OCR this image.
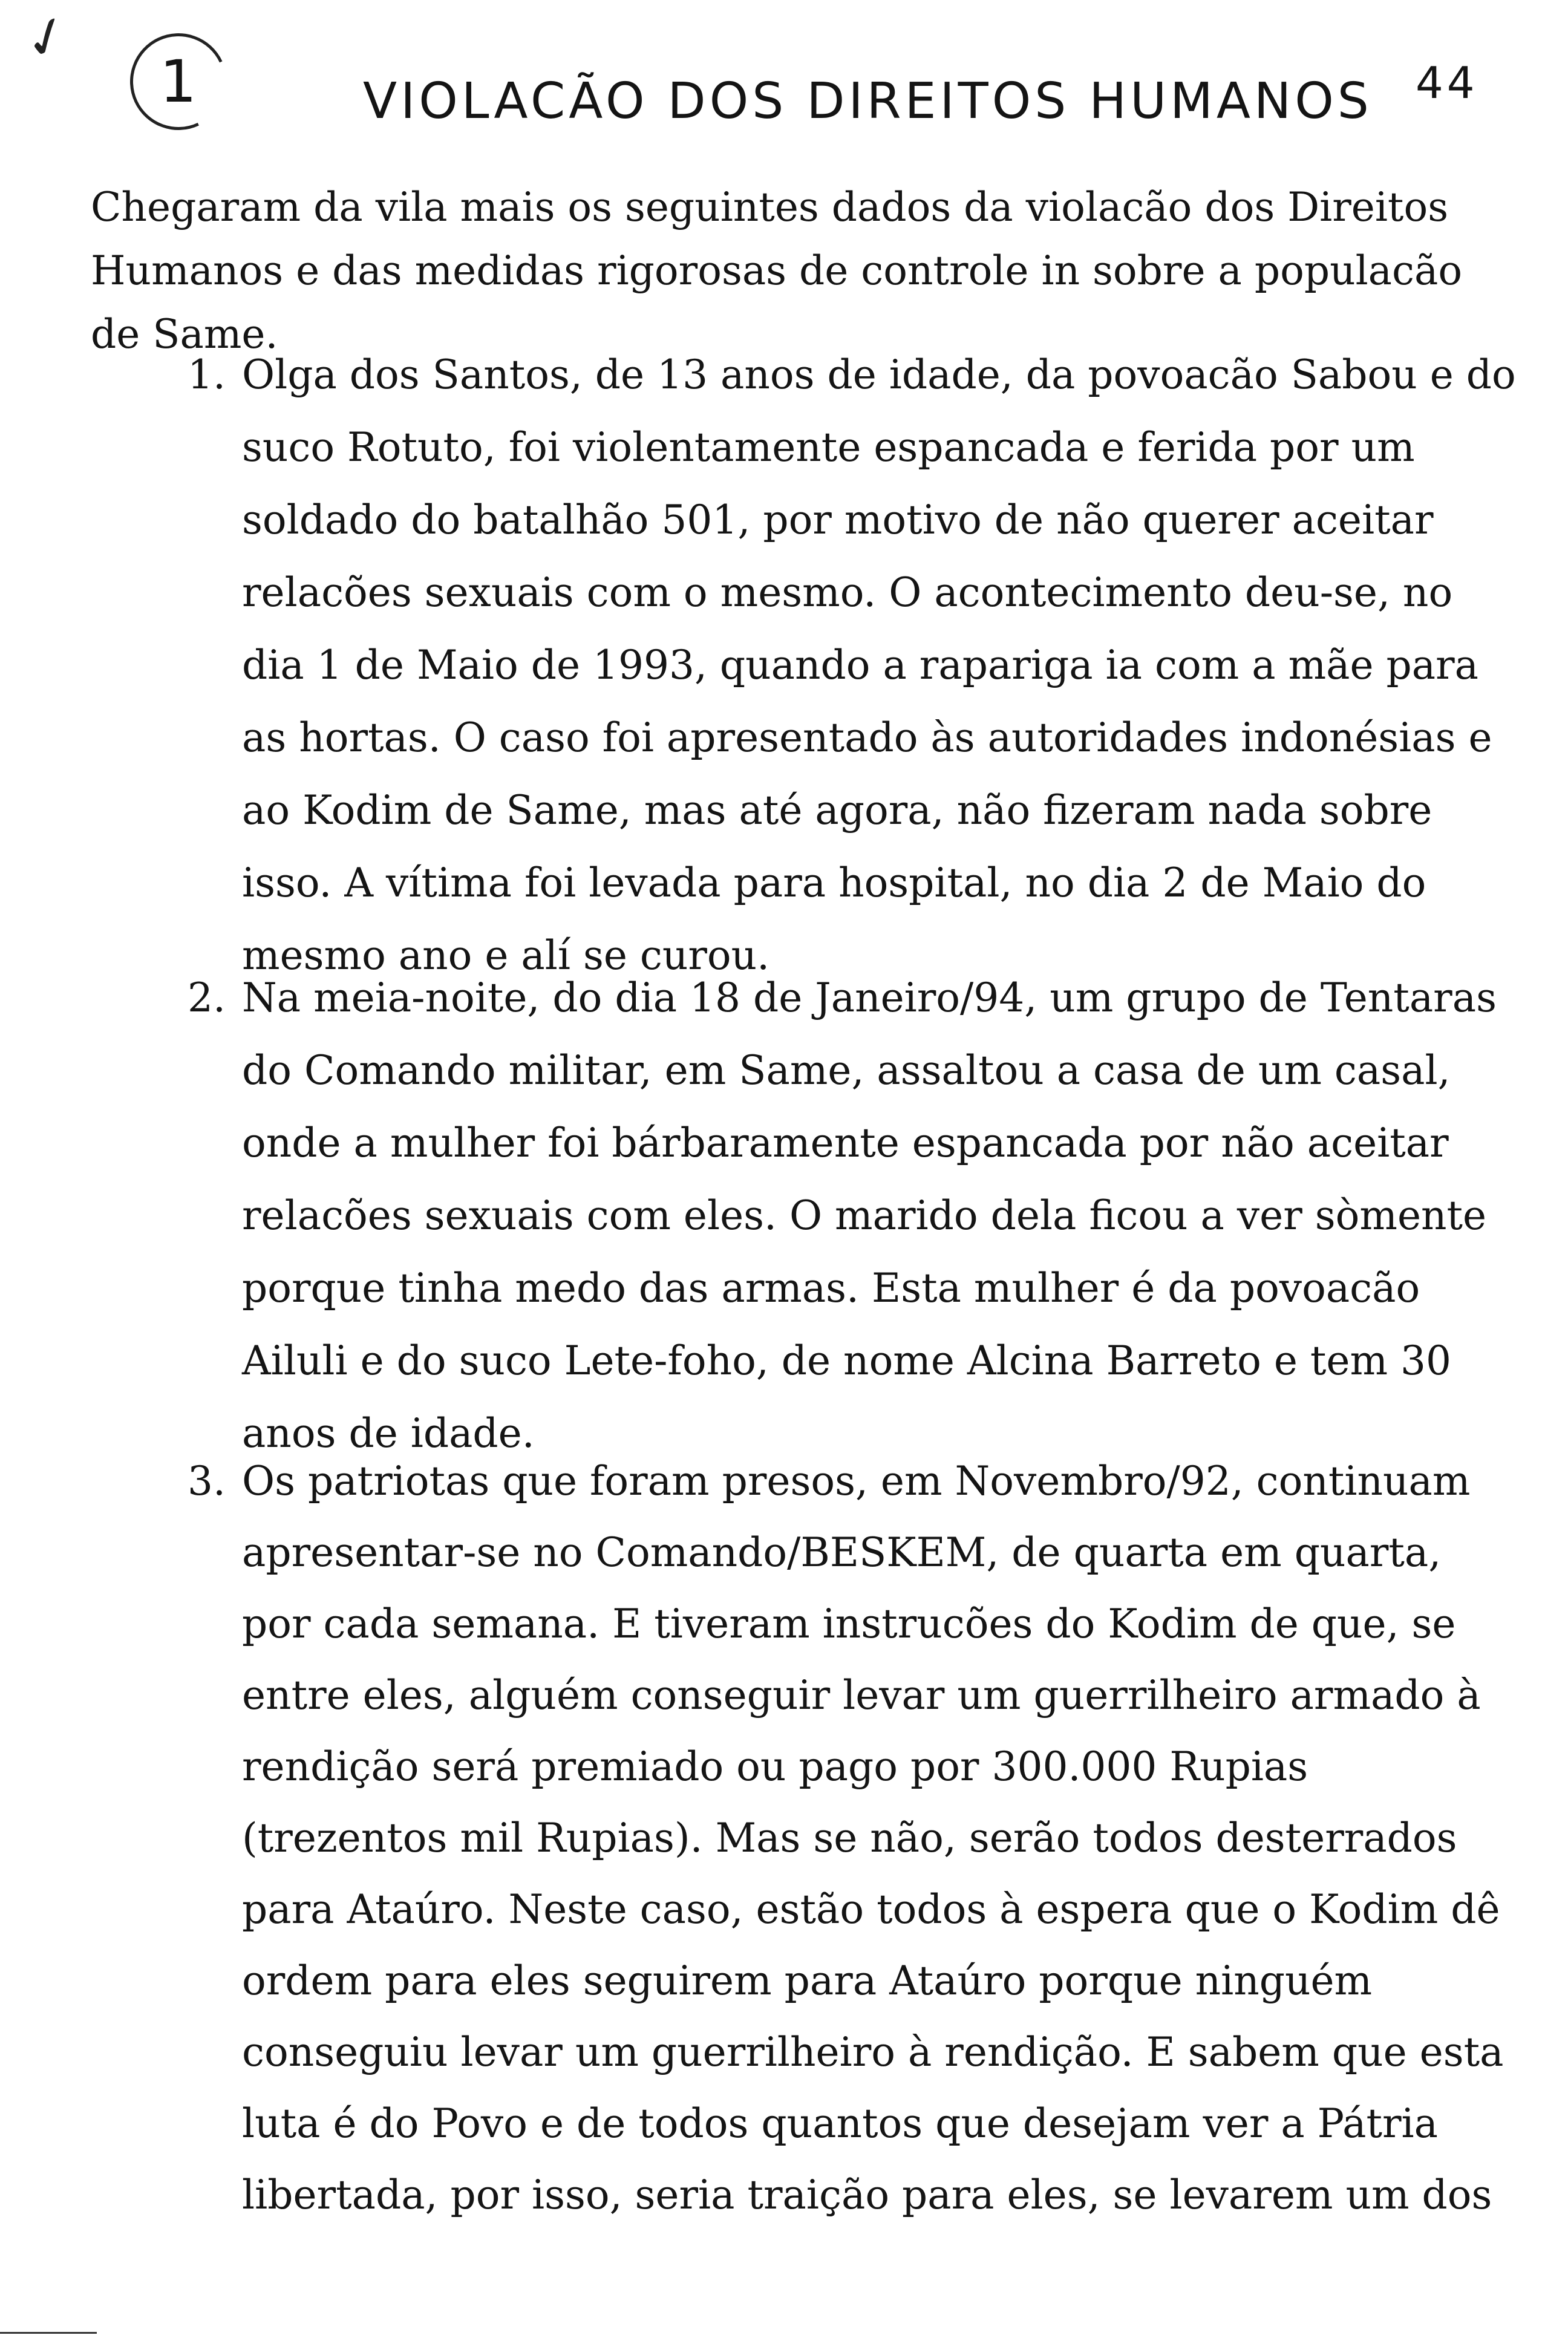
✓
1	44
VIOLACÃO DOS DIREITOS HUMANOS

Chegaram da vila mais os seguintes dados da violacão dos Direitos Humanos e das medidas rigorosas de controle in sobre a populacão de Same.

1. Olga dos Santos, de 13 anos de idade, da povoacão Sabou e do suco Rotuto, foi violentamente espancada e ferida por um soldado do batalhão 501, por motivo de não querer aceitar relacões sexuais com o mesmo. O acontecimento deu-se, no dia 1 de Maio de 1993, quando a rapariga ia com a mãe para as hortas. O caso foi apresentado às autoridades indonésias e ao Kodim de Same, mas até agora, não fizeram nada sobre isso. A vítima foi levada para hospital, no dia 2 de Maio do mesmo ano e alí se curou.
2. Na meia-noite, do dia 18 de Janeiro/94, um grupo de Tentaras do Comando militar, em Same, assaltou a casa de um casal, onde a mulher foi bárbaramente espancada por não aceitar relacões sexuais com eles. O marido dela ficou a ver sòmente porque tinha medo das armas. Esta mulher é da povoacão Ailuli e do suco Lete-foho, de nome Alcina Barreto e tem 30 anos de idade.
3. Os patriotas que foram presos, em Novembro/92, continuam apresentar-se no Comando/BESKEM, de quarta em quarta, por cada semana. E tiveram instrucões do Kodim de que, se entre eles, alguém conseguir levar um guerrilheiro armado à rendição será premiado ou pago por 300.000 Rupias (trezentos mil Rupias). Mas se não, serão todos desterrados para Ataúro. Neste caso, estão todos à espera que o Kodim dê ordem para eles seguirem para Ataúro porque ninguém conseguiu levar um guerrilheiro à rendição. E sabem que esta luta é do Povo e de todos quantos que desejam ver a Pátria libertada, por isso, seria traição para eles, se levarem um dos
